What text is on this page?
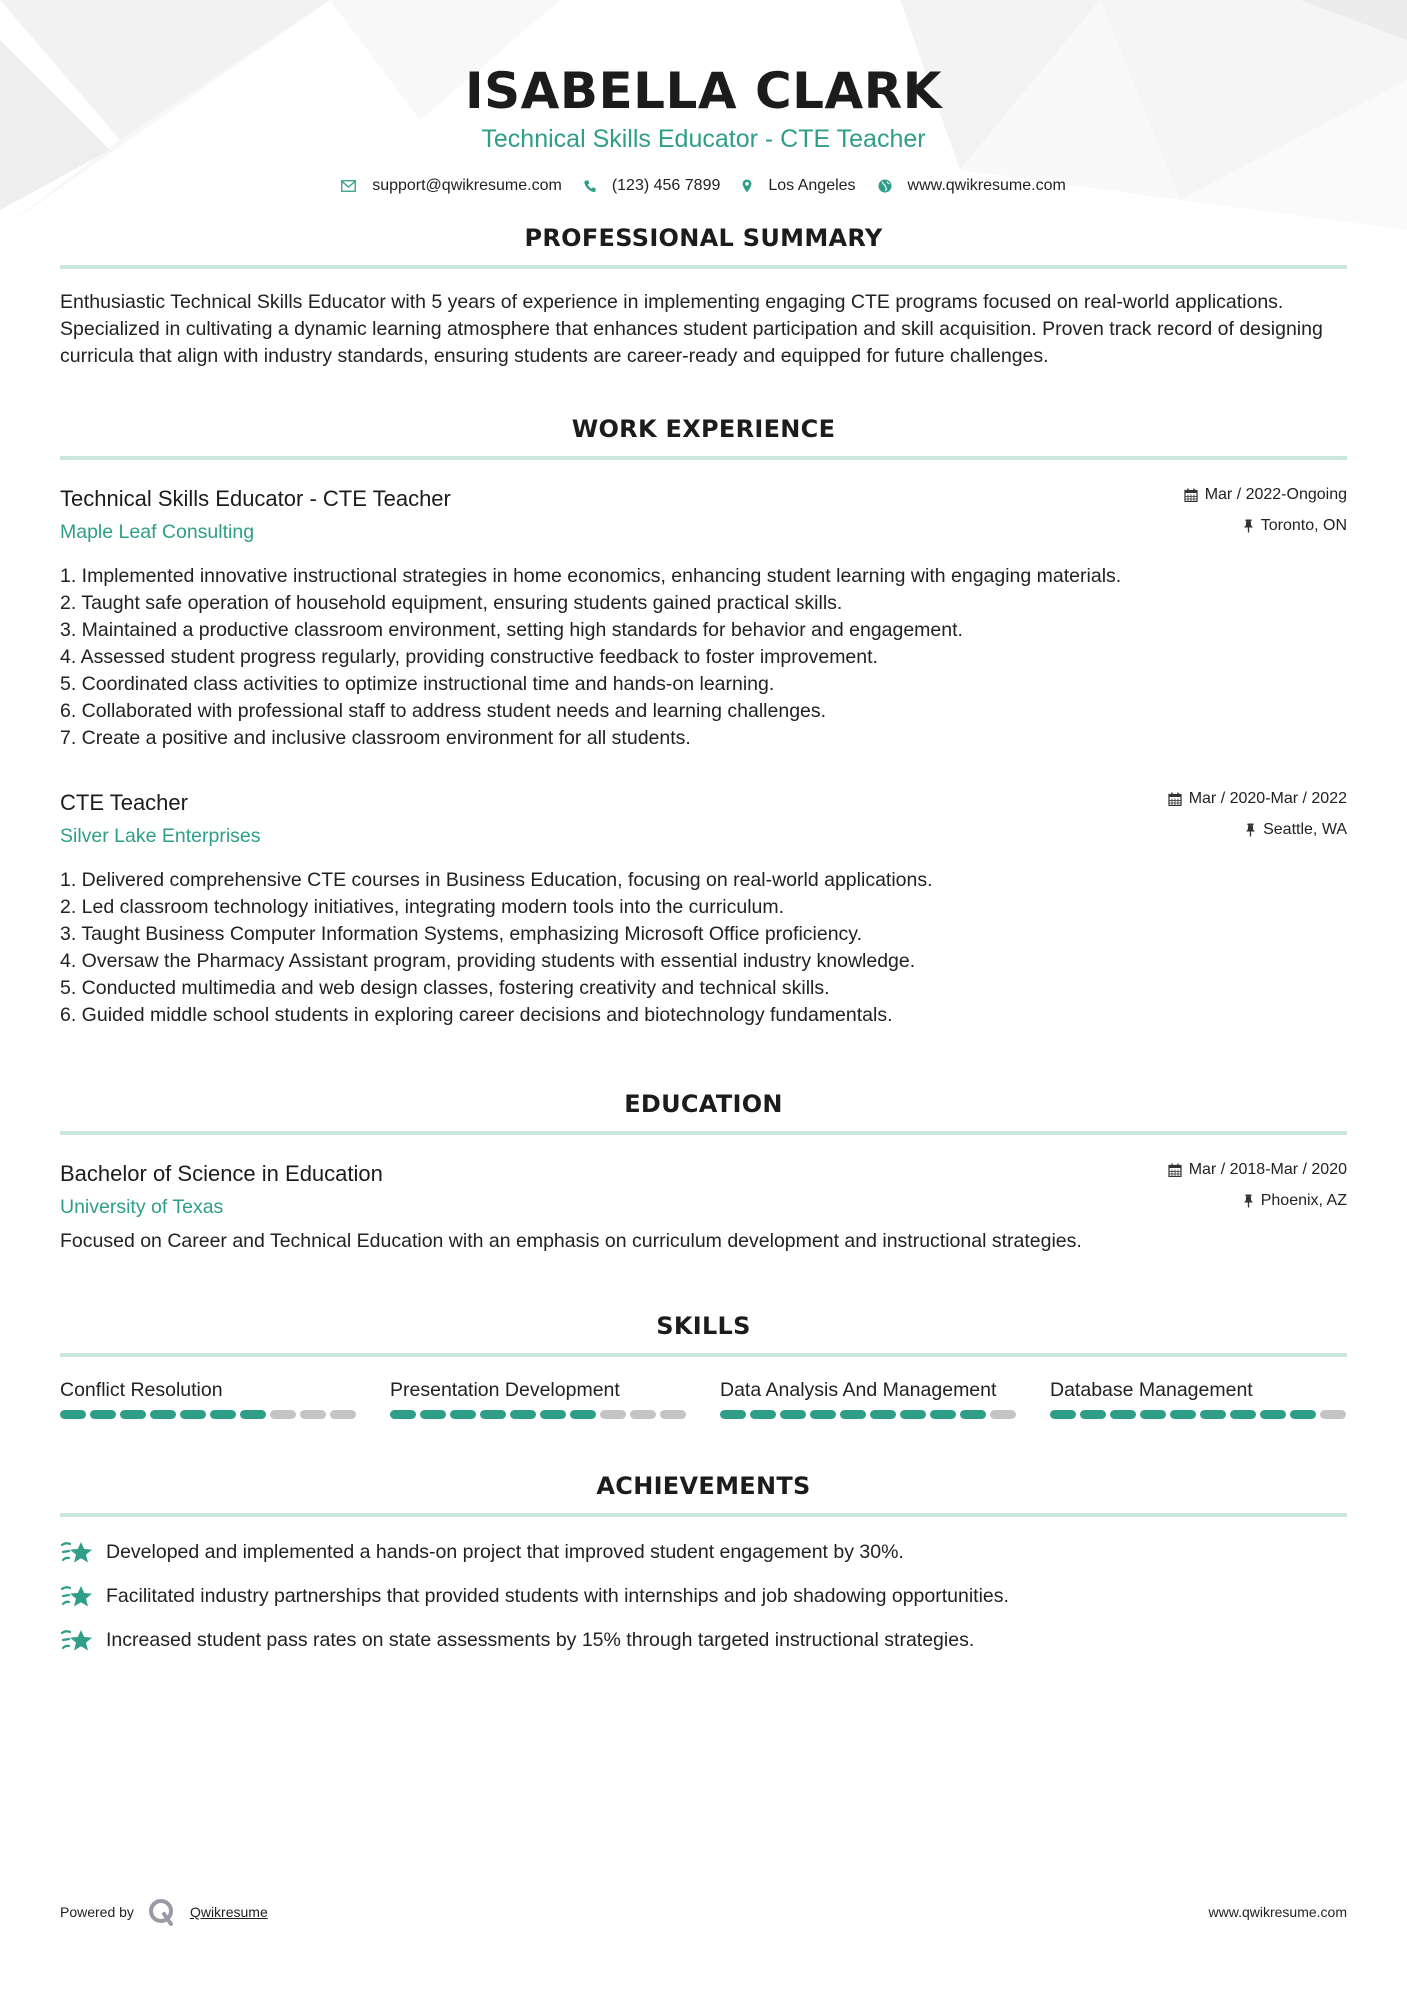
ISABELLA CLARK
Technical Skills Educator - CTE Teacher
support@qwikresume.com	(123) 456 7899	Los Angeles	www.qwikresume.com
PROFESSIONAL SUMMARY

Enthusiastic Technical Skills Educator with 5 years of experience in implementing engaging CTE programs focused on real-world applications. Specialized in cultivating a dynamic learning atmosphere that enhances student participation and skill acquisition. Proven track record of designing curricula that align with industry standards, ensuring students are career-ready and equipped for future challenges.

WORK EXPERIENCE
Technical Skills Educator - CTE Teacher
Maple Leaf Consulting
Mar / 2022-Ongoing
Toronto, ON
1. Implemented innovative instructional strategies in home economics, enhancing student learning with engaging materials.
2. Taught safe operation of household equipment, ensuring students gained practical skills.
3. Maintained a productive classroom environment, setting high standards for behavior and engagement.
4. Assessed student progress regularly, providing constructive feedback to foster improvement.
5. Coordinated class activities to optimize instructional time and hands-on learning.
6. Collaborated with professional staff to address student needs and learning challenges.
7. Create a positive and inclusive classroom environment for all students.
CTE Teacher
Silver Lake Enterprises
Mar / 2020-Mar / 2022
Seattle, WA
1. Delivered comprehensive CTE courses in Business Education, focusing on real-world applications.
2. Led classroom technology initiatives, integrating modern tools into the curriculum.
3. Taught Business Computer Information Systems, emphasizing Microsoft Office proficiency.
4. Oversaw the Pharmacy Assistant program, providing students with essential industry knowledge.
5. Conducted multimedia and web design classes, fostering creativity and technical skills.
6. Guided middle school students in exploring career decisions and biotechnology fundamentals.
EDUCATION
Bachelor of Science in Education
University of Texas
Mar / 2018-Mar / 2020
Phoenix, AZ

Focused on Career and Technical Education with an emphasis on curriculum development and instructional strategies.

SKILLS
Conflict Resolution	Presentation Development	Data Analysis And Management	Database Management
ACHIEVEMENTS
Developed and implemented a hands-on project that improved student engagement by 30%.
Facilitated industry partnerships that provided students with internships and job shadowing opportunities.
Increased student pass rates on state assessments by 15% through targeted instructional strategies.
Powered by	Qwikresume	www.qwikresume.com
